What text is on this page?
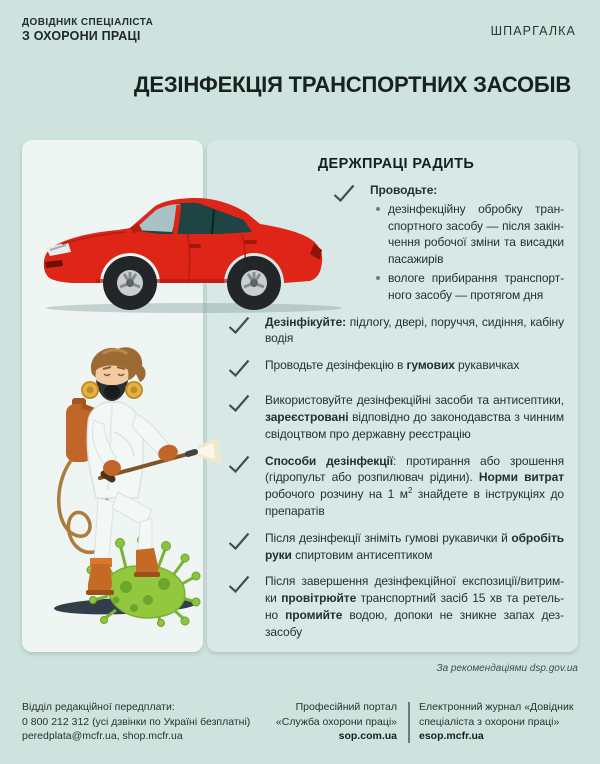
ДОВІДНИК СПЕЦІАЛІСТА
З ОХОРОНИ ПРАЦІ	ШПАРГАЛКА
ДЕЗІНФЕКЦІЯ ТРАНСПОРТНИХ ЗАСОБІВ
ДЕРЖПРАЦІ РАДИТЬ
Проводьте:
дезінфекційну обробку тран-спортного засобу — після закін-чення робочої зміни та висадки пасажирів
вологе прибирання транспорт-ного засобу — протягом дня
Дезінфікуйте: підлогу, двері, поруччя, сидіння, кабіну водія
Проводьте дезінфекцію в гумових рукавичках
Використовуйте дезінфекційні засоби та антисептики, зареєстровані відповідно до законодавства з чинним свідоцтвом про державну реєстрацію
Способи дезінфекції: протирання або зрошення (гідропульт або розпилювач рідини). Норми витрат робочого розчину на 1 $м^2$ знайдете в інструкціях до препаратів
Після дезінфекції зніміть гумові рукавички й обробіть руки спиртовим антисептиком
Після завершення дезінфекційної експозиції/витрим-ки провітрюйте транспортний засіб 15 хв та ретель-но промийте водою, допоки не зникне запах дез-засобу
За рекомендаціями dsp.gov.ua
Відділ редакційної передплати:
0 800 212 312 (усі дзвінки по Україні безплатні)
peredplata@mcfr.ua, shop.mcfr.ua
Професійний портал
«Служба охорони праці»
sop.com.ua
Електронний журнал «Довідник
спеціаліста з охорони праці»
esop.mcfr.ua
